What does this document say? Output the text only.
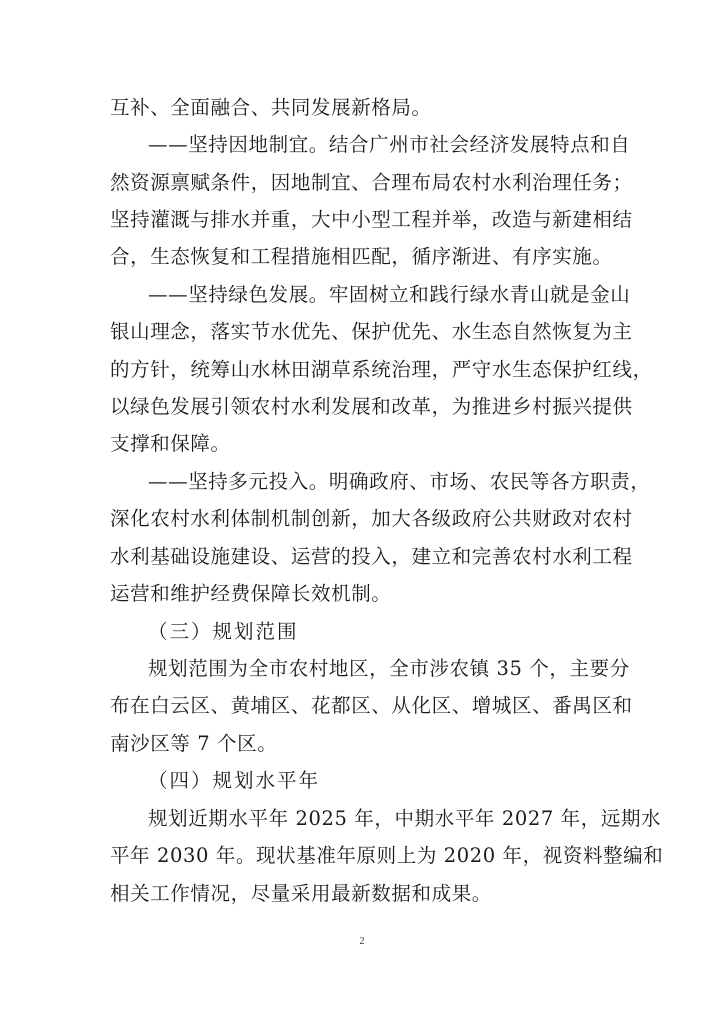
互补、全面融合、共同发展新格局。
——坚持因地制宜。结合广州市社会经济发展特点和自
然资源禀赋条件，因地制宜、合理布局农村水利治理任务；
坚持灌溉与排水并重，大中小型工程并举，改造与新建相结
合，生态恢复和工程措施相匹配，循序渐进、有序实施。
——坚持绿色发展。牢固树立和践行绿水青山就是金山
银山理念，落实节水优先、保护优先、水生态自然恢复为主
的方针，统筹山水林田湖草系统治理，严守水生态保护红线，
以绿色发展引领农村水利发展和改革，为推进乡村振兴提供
支撑和保障。
——坚持多元投入。明确政府、市场、农民等各方职责，
深化农村水利体制机制创新，加大各级政府公共财政对农村
水利基础设施建设、运营的投入，建立和完善农村水利工程
运营和维护经费保障长效机制。
（三）规划范围
规划范围为全市农村地区，全市涉农镇 35 个，主要分
布在白云区、黄埔区、花都区、从化区、增城区、番禺区和
南沙区等 7 个区。
（四）规划水平年
规划近期水平年 2025 年，中期水平年 2027 年，远期水
平年 2030 年。现状基准年原则上为 2020 年，视资料整编和
相关工作情况，尽量采用最新数据和成果。
2
